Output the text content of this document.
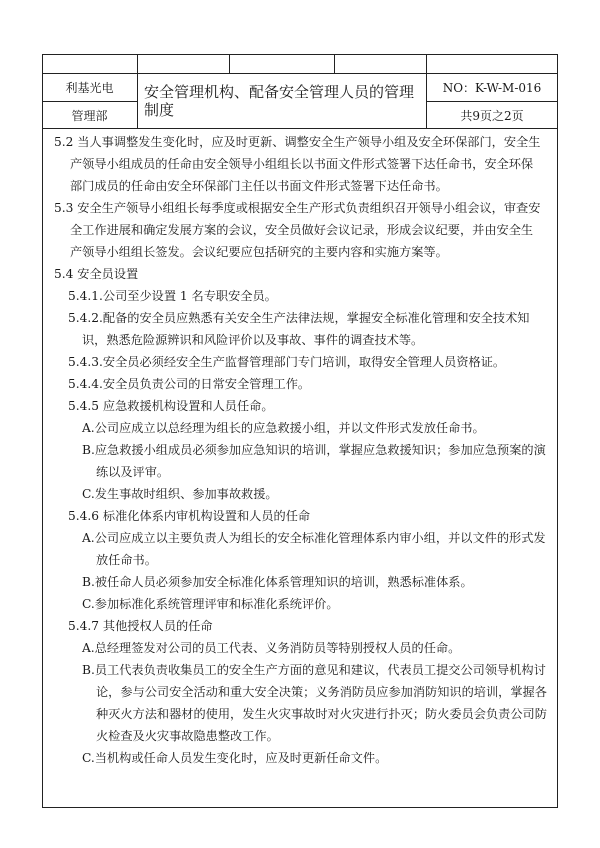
利基光电
管理部
安全管理机构、配备安全管理人员的管理制度
NO：K-W-M-016
共9页之2页
5.2 当人事调整发生变化时，应及时更新、调整安全生产领导小组及安全环保部门，安全生
产领导小组成员的任命由安全领导小组组长以书面文件形式签署下达任命书，安全环保
部门成员的任命由安全环保部门主任以书面文件形式签署下达任命书。
5.3 安全生产领导小组组长每季度或根据安全生产形式负责组织召开领导小组会议，审查安
全工作进展和确定发展方案的会议，安全员做好会议记录，形成会议纪要，并由安全生
产领导小组组长签发。会议纪要应包括研究的主要内容和实施方案等。
5.4 安全员设置
5.4.1.公司至少设置 1 名专职安全员。
5.4.2.配备的安全员应熟悉有关安全生产法律法规，掌握安全标准化管理和安全技术知
识，熟悉危险源辨识和风险评价以及事故、事件的调查技术等。
5.4.3.安全员必须经安全生产监督管理部门专门培训，取得安全管理人员资格证。
5.4.4.安全员负责公司的日常安全管理工作。
5.4.5 应急救援机构设置和人员任命。
A.公司应成立以总经理为组长的应急救援小组，并以文件形式发放任命书。
B.应急救援小组成员必须参加应急知识的培训，掌握应急救援知识；参加应急预案的演
练以及评审。
C.发生事故时组织、参加事故救援。
5.4.6 标准化体系内审机构设置和人员的任命
A.公司应成立以主要负责人为组长的安全标准化管理体系内审小组，并以文件的形式发
放任命书。
B.被任命人员必须参加安全标准化体系管理知识的培训，熟悉标准体系。
C.参加标准化系统管理评审和标准化系统评价。
5.4.7 其他授权人员的任命
A.总经理签发对公司的员工代表、义务消防员等特别授权人员的任命。
B.员工代表负责收集员工的安全生产方面的意见和建议，代表员工提交公司领导机构讨
论，参与公司安全活动和重大安全决策；义务消防员应参加消防知识的培训，掌握各
种灭火方法和器材的使用，发生火灾事故时对火灾进行扑灭；防火委员会负责公司防
火检查及火灾事故隐患整改工作。
C.当机构或任命人员发生变化时，应及时更新任命文件。
